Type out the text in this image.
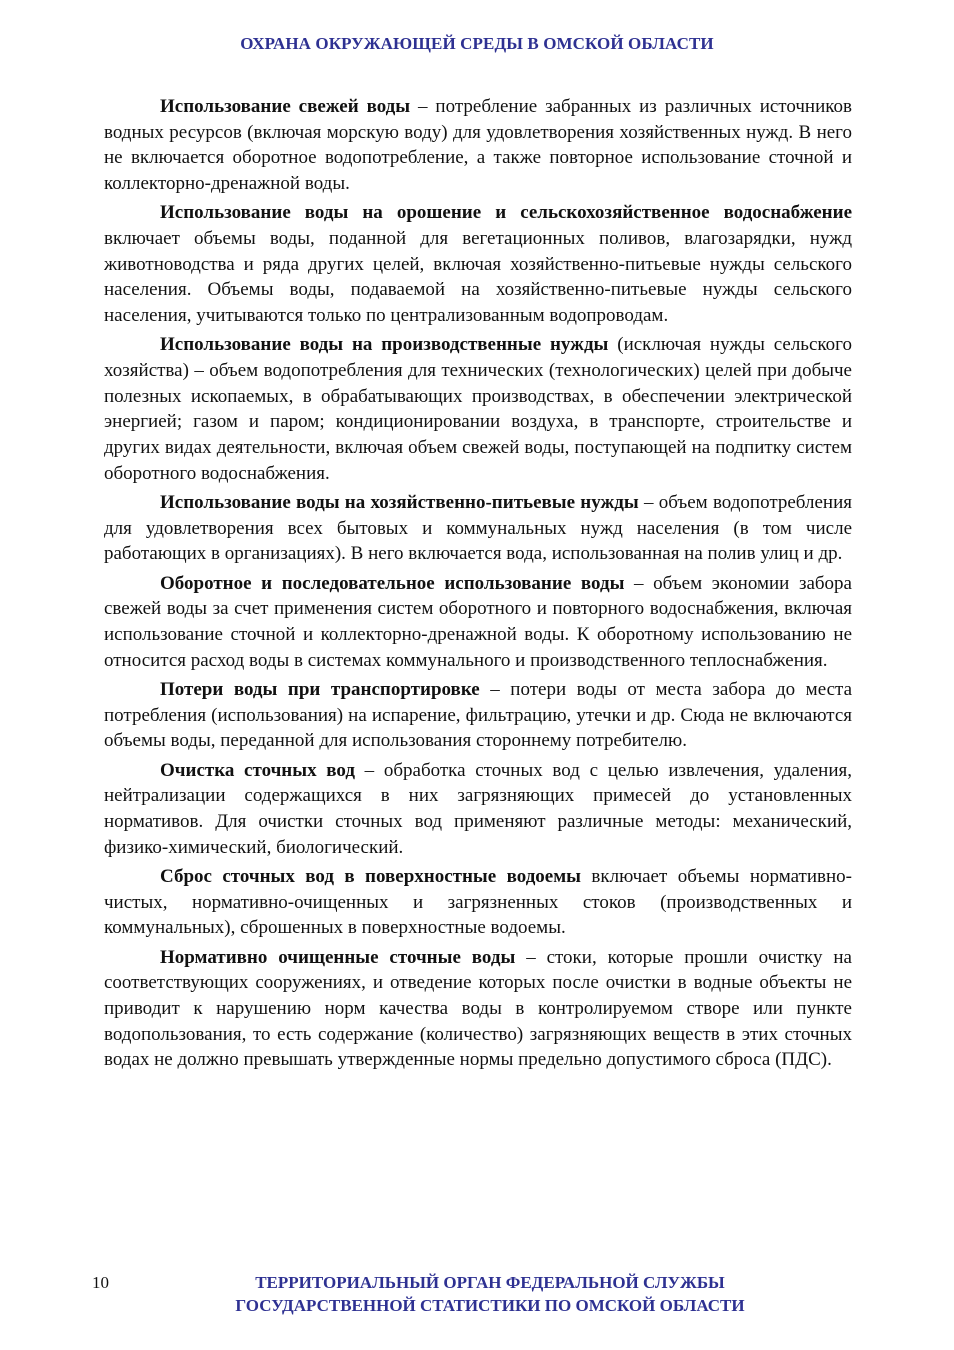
ОХРАНА ОКРУЖАЮЩЕЙ СРЕДЫ В ОМСКОЙ ОБЛАСТИ

Использование свежей воды – потребление забранных из различных источников водных ресурсов (включая морскую воду) для удовлетворения хозяйственных нужд. В него не включается оборотное водопотребление, а также повторное использование сточной и коллекторно-дренажной воды.

Использование воды на орошение и сельскохозяйственное водоснабжение включает объемы воды, поданной для вегетационных поливов, влагозарядки, нужд животноводства и ряда других целей, включая хозяйственно-питьевые нужды сельского населения. Объемы воды, подаваемой на хозяйственно-питьевые нужды сельского населения, учитываются только по централизованным водопроводам.

Использование воды на производственные нужды (исключая нужды сельского хозяйства) – объем водопотребления для технических (технологических) целей при добыче полезных ископаемых, в обрабатывающих производствах, в обеспечении электрической энергией; газом и паром; кондиционировании воздуха, в транспорте, строительстве и других видах деятельности, включая объем свежей воды, поступающей на подпитку систем оборотного водоснабжения.

Использование воды на хозяйственно-питьевые нужды – объем водопотребления для удовлетворения всех бытовых и коммунальных нужд населения (в том числе работающих в организациях). В него включается вода, использованная на полив улиц и др.

Оборотное и последовательное использование воды – объем экономии забора свежей воды за счет применения систем оборотного и повторного водоснабжения, включая использование сточной и коллекторно-дренажной воды. К оборотному использованию не относится расход воды в системах коммунального и производственного теплоснабжения.

Потери воды при транспортировке – потери воды от места забора до места потребления (использования) на испарение, фильтрацию, утечки и др. Сюда не включаются объемы воды, переданной для использования стороннему потребителю.

Очистка сточных вод – обработка сточных вод с целью извлечения, удаления, нейтрализации содержащихся в них загрязняющих примесей до установленных нормативов. Для очистки сточных вод применяют различные методы: механический, физико-химический, биологический.

Сброс сточных вод в поверхностные водоемы включает объемы нормативно-чистых, нормативно-очищенных и загрязненных стоков (производственных и коммунальных), сброшенных в поверхностные водоемы.

Нормативно очищенные сточные воды – стоки, которые прошли очистку на соответствующих сооружениях, и отведение которых после очистки в водные объекты не приводит к нарушению норм качества воды в контролируемом створе или пункте водопользования, то есть содержание (количество) загрязняющих веществ в этих сточных водах не должно превышать утвержденные нормы предельно допустимого сброса (ПДС).

10	ТЕРРИТОРИАЛЬНЫЙ ОРГАН ФЕДЕРАЛЬНОЙ СЛУЖБЫ
ГОСУДАРСТВЕННОЙ СТАТИСТИКИ ПО ОМСКОЙ ОБЛАСТИ
